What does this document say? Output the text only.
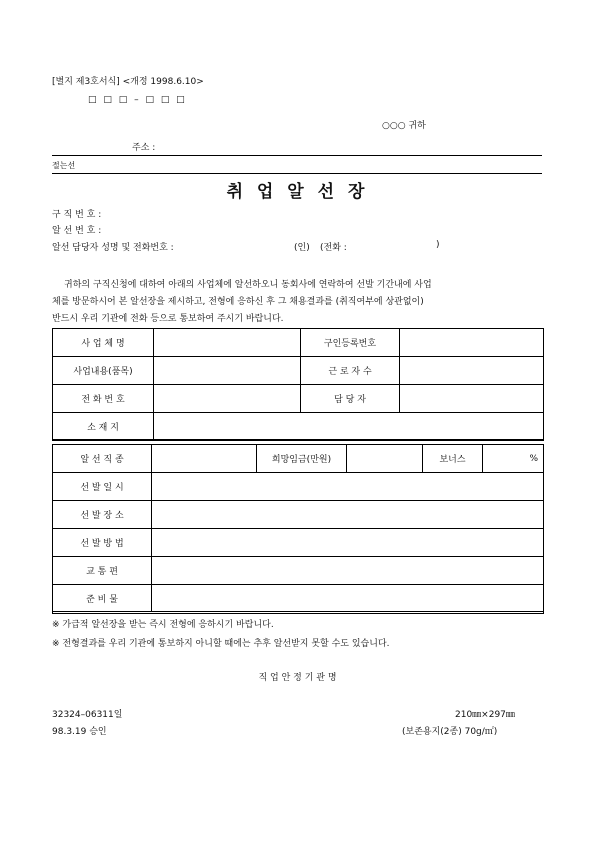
[별지 제3호서식] <개정 1998.6.10>
□ □ □ – □ □ □
○○○ 귀하
주소 :
절는선
취 업 알 선 장
구 직 번 호 :
알 선 번 호 :
알선 담당자 성명 및 전화번호 :	(인) (전화 :	)
귀하의 구직신청에 대하여 아래의 사업체에 알선하오니 동회사에 연락하여 선발 기간내에 사업
체를 방문하시어 본 알선장을 제시하고, 전형에 응하신 후 그 채용결과를 (취직여부에 상관없이)
반드시 우리 기관에 전화 등으로 통보하여 주시기 바랍니다.
사 업 체 명		구인등록번호	
사업내용(품목)		근 로 자 수	
전 화 번 호		담 당 자	
소 재 지			
알 선 직 종		희망임금(만원)		보너스	%
선 발 일 시					
선 발 장 소					
선 발 방 법					
교 통 편					
준 비 물					
※ 가급적 알선장을 받는 즉시 전형에 응하시기 바랍니다.
※ 전형결과를 우리 기관에 통보하지 아니할 때에는 추후 알선받지 못할 수도 있습니다.
직 업 안 정 기 관 명
32324–06311일
98.3.19 승인
210㎜×297㎜
(보존용지(2종) 70g/㎡)
